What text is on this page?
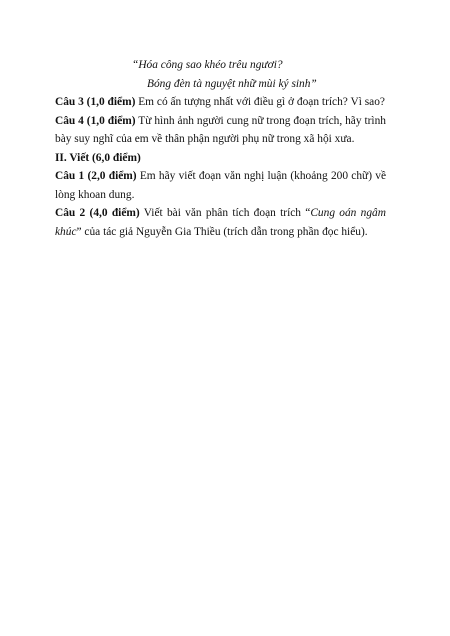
“Hóa công sao khéo trêu ngươi?
Bóng đèn tà nguyệt nhữ mùi ký sinh”

Câu 3 (1,0 điểm) Em có ấn tượng nhất với điều gì ở đoạn trích? Vì sao?

Câu 4 (1,0 điểm) Từ hình ảnh người cung nữ trong đoạn trích, hãy trình bày suy nghĩ của em về thân phận người phụ nữ trong xã hội xưa.

II. Viết (6,0 điểm)

Câu 1 (2,0 điểm) Em hãy viết đoạn văn nghị luận (khoảng 200 chữ) về lòng khoan dung.

Câu 2 (4,0 điểm) Viết bài văn phân tích đoạn trích “Cung oán ngâm khúc” của tác giả Nguyễn Gia Thiều (trích dẫn trong phần đọc hiểu).
